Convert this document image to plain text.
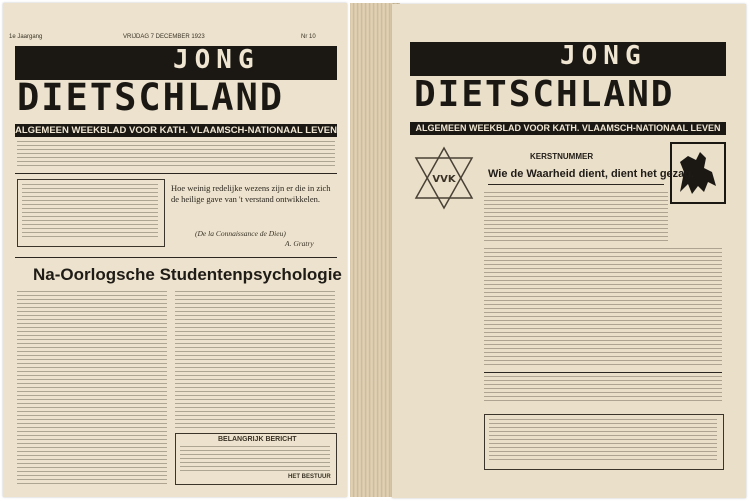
1e Jaargang	VRIJDAG 7 DECEMBER 1923	Nr 10
JONG
DIETSCHLAND
ALGEMEEN WEEKBLAD VOOR KATH. VLAAMSCH-NATIONAAL LEVEN
Hoe weinig redelijke wezens zijn er die in zich de heilige gave van 't verstand ontwikkelen.
(De la Connaissance de Dieu)
A. Gratry
Na-Oorlogsche Studentenpsychologie
BELANGRIJK BERICHT
HET BESTUUR
JONG
DIETSCHLAND
ALGEMEEN WEEKBLAD VOOR KATH. VLAAMSCH-NATIONAAL LEVEN
VVK
KERSTNUMMER
Wie de Waarheid dient, dient het gezag.
